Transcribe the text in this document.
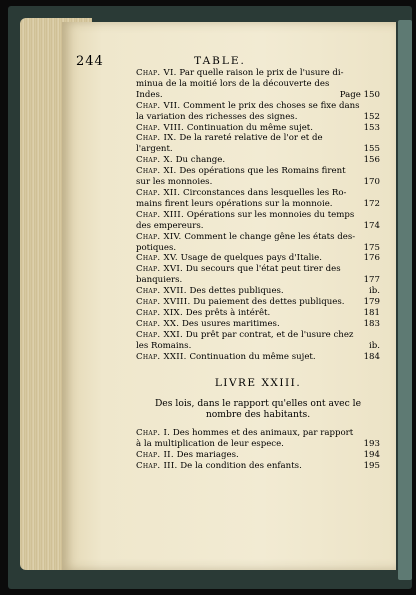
244	TABLE.
Chap. VI. Par quelle raison le prix de l'usure di-
minua de la moitié lors de la découverte des
Indes.	Page 150
Chap. VII. Comment le prix des choses se fixe dans
la variation des richesses des signes.	152
Chap. VIII. Continuation du même sujet.	153
Chap. IX. De la rareté relative de l'or et de
l'argent.	155
Chap. X. Du change.	156
Chap. XI. Des opérations que les Romains firent
sur les monnoies.	170
Chap. XII. Circonstances dans lesquelles les Ro-
mains firent leurs opérations sur la monnoie.	172
Chap. XIII. Opérations sur les monnoies du temps
des empereurs.	174
Chap. XIV. Comment le change gêne les états des-
potiques.	175
Chap. XV. Usage de quelques pays d'Italie.	176
Chap. XVI. Du secours que l'état peut tirer des
banquiers.	177
Chap. XVII. Des dettes publiques.	ib.
Chap. XVIII. Du paiement des dettes publiques.	179
Chap. XIX. Des prêts à intérêt.	181
Chap. XX. Des usures maritimes.	183
Chap. XXI. Du prêt par contrat, et de l'usure chez
les Romains.	ib.
Chap. XXII. Continuation du même sujet.	184
LIVRE XXIII.
Des lois, dans le rapport qu'elles ont avec le
nombre des habitants.
Chap. I. Des hommes et des animaux, par rapport
à la multiplication de leur espece.	193
Chap. II. Des mariages.	194
Chap. III. De la condition des enfants.	195
